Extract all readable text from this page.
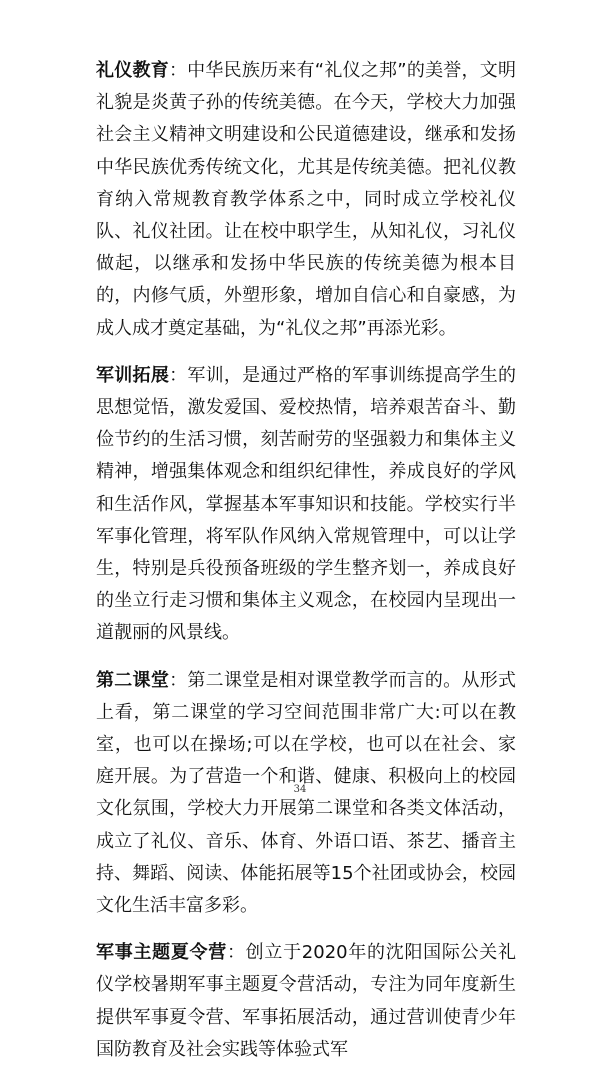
礼仪教育：中华民族历来有“礼仪之邦”的美誉，文明礼貌是炎黄子孙的传统美德。在今天，学校大力加强社会主义精神文明建设和公民道德建设，继承和发扬中华民族优秀传统文化，尤其是传统美德。把礼仪教育纳入常规教育教学体系之中，同时成立学校礼仪队、礼仪社团。让在校中职学生，从知礼仪，习礼仪做起，以继承和发扬中华民族的传统美德为根本目的，内修气质，外塑形象，增加自信心和自豪感，为成人成才奠定基础，为“礼仪之邦”再添光彩。

军训拓展：军训，是通过严格的军事训练提高学生的思想觉悟，激发爱国、爱校热情，培养艰苦奋斗、勤俭节约的生活习惯，刻苦耐劳的坚强毅力和集体主义精神，增强集体观念和组织纪律性，养成良好的学风和生活作风，掌握基本军事知识和技能。学校实行半军事化管理，将军队作风纳入常规管理中，可以让学生，特别是兵役预备班级的学生整齐划一，养成良好的坐立行走习惯和集体主义观念，在校园内呈现出一道靓丽的风景线。

第二课堂：第二课堂是相对课堂教学而言的。从形式上看，第二课堂的学习空间范围非常广大:可以在教室，也可以在操场;可以在学校，也可以在社会、家庭开展。为了营造一个和谐、健康、积极向上的校园文化氛围，学校大力开展第二课堂和各类文体活动，成立了礼仪、音乐、体育、外语口语、茶艺、播音主持、舞蹈、阅读、体能拓展等15个社团或协会，校园文化生活丰富多彩。

军事主题夏令营：创立于2020年的沈阳国际公关礼仪学校暑期军事主题夏令营活动，专注为同年度新生提供军事夏令营、军事拓展活动，通过营训使青少年国防教育及社会实践等体验式军

34
